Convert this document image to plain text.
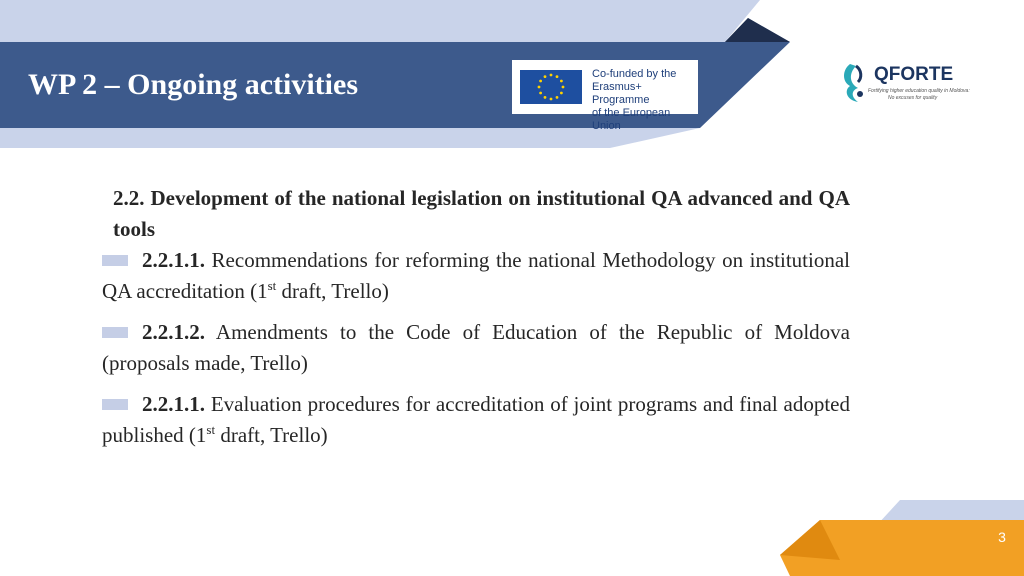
WP 2 – Ongoing activities	Co-funded by the
Erasmus+ Programme
of the European Union
QFORTE
Fortifying higher education quality in Moldova:
No excuses for quality

2.2. Development of the national legislation on institutional QA advanced and QA tools

2.2.1.1. Recommendations for reforming the national Methodology on institutional QA accreditation (1st draft, Trello)

2.2.1.2. Amendments to the Code of Education of the Republic of Moldova (proposals made, Trello)

2.2.1.1. Evaluation procedures for accreditation of joint programs and final adopted published (1st draft, Trello)

3
